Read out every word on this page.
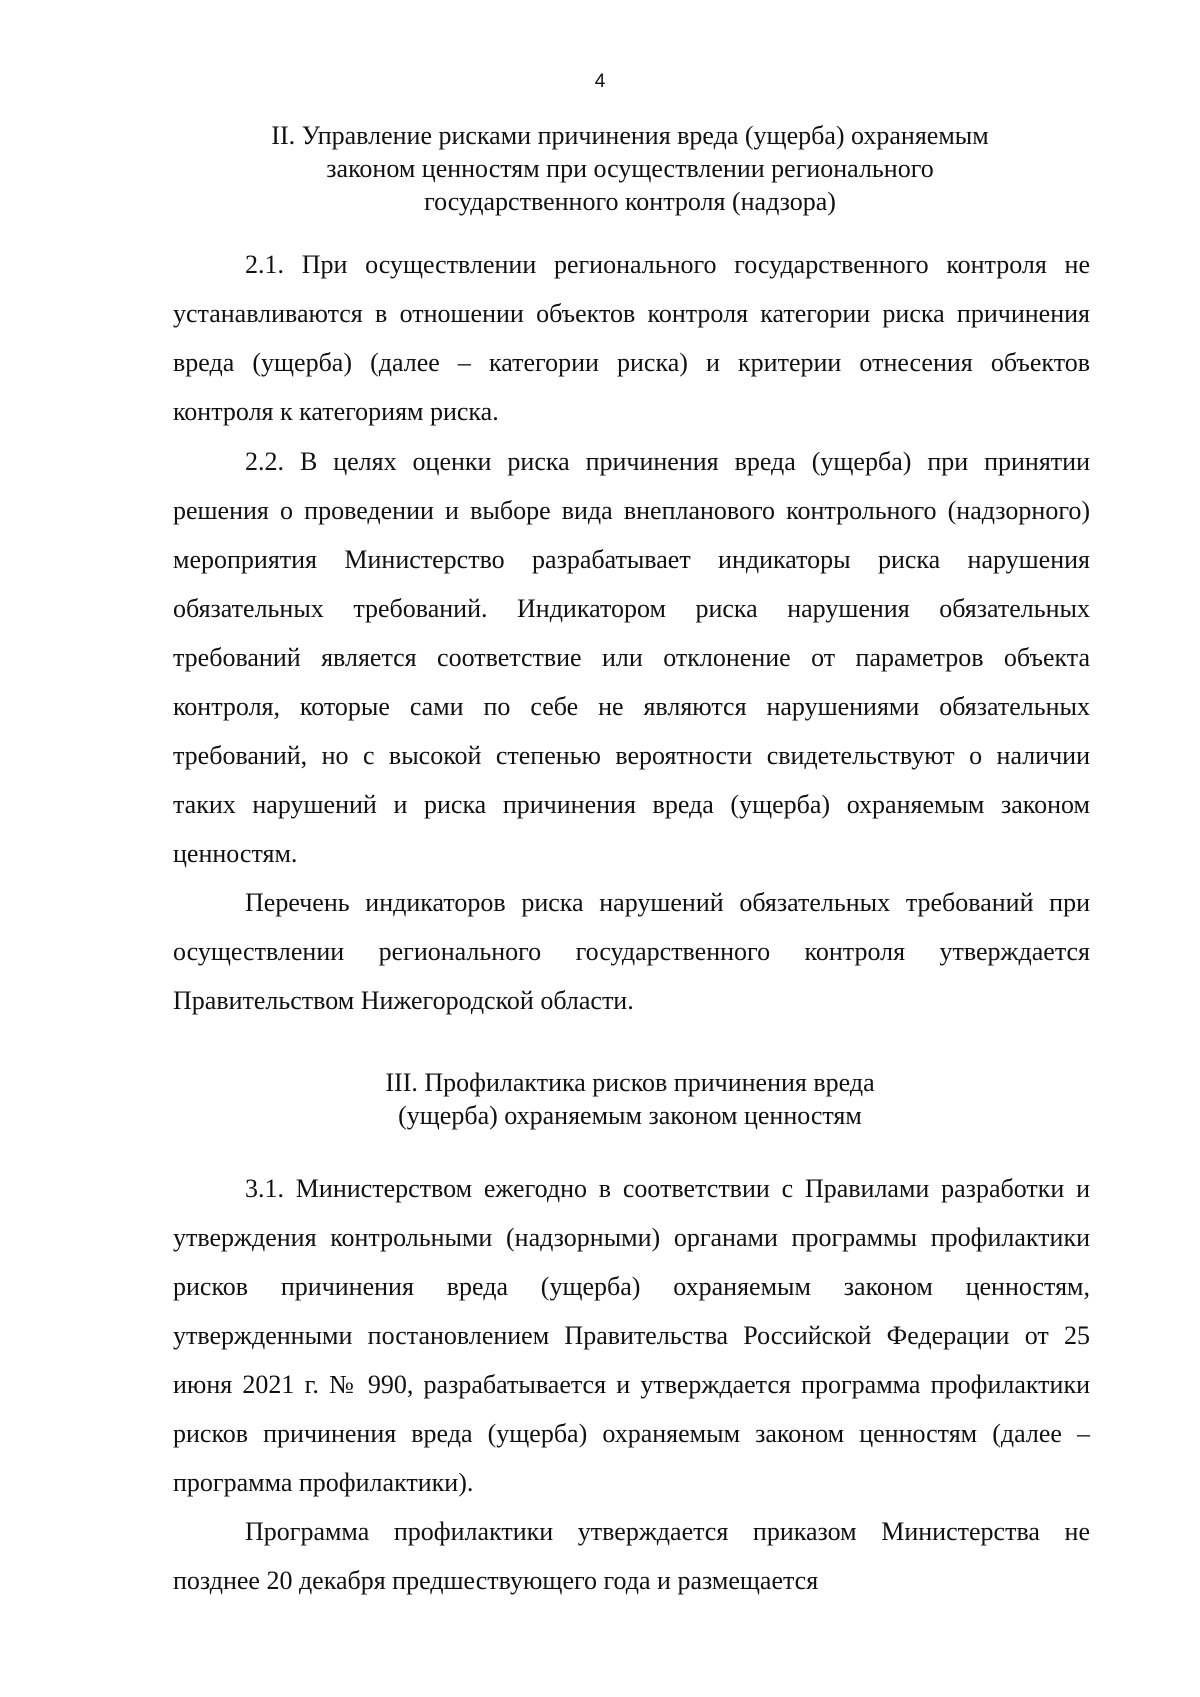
4
II. Управление рисками причинения вреда (ущерба) охраняемым
законом ценностям при осуществлении регионального
государственного контроля (надзора)

2.1. При осуществлении регионального государственного контроля не устанавливаются в отношении объектов контроля категории риска причинения вреда (ущерба) (далее – категории риска) и критерии отнесения объектов контроля к категориям риска.

2.2. В целях оценки риска причинения вреда (ущерба) при принятии решения о проведении и выборе вида внепланового контрольного (надзорного) мероприятия Министерство разрабатывает индикаторы риска нарушения обязательных требований. Индикатором риска нарушения обязательных требований является соответствие или отклонение от параметров объекта контроля, которые сами по себе не являются нарушениями обязательных требований, но с высокой степенью вероятности свидетельствуют о наличии таких нарушений и риска причинения вреда (ущерба) охраняемым законом ценностям.

Перечень индикаторов риска нарушений обязательных требований при осуществлении регионального государственного контроля утверждается Правительством Нижегородской области.

III. Профилактика рисков причинения вреда
(ущерба) охраняемым законом ценностям

3.1. Министерством ежегодно в соответствии с Правилами разработки и утверждения контрольными (надзорными) органами программы профилактики рисков причинения вреда (ущерба) охраняемым законом ценностям, утвержденными постановлением Правительства Российской Федерации от 25 июня 2021 г. № 990, разрабатывается и утверждается программа профилактики рисков причинения вреда (ущерба) охраняемым законом ценностям (далее – программа профилактики).

Программа профилактики утверждается приказом Министерства не позднее 20 декабря предшествующего года и размещается
